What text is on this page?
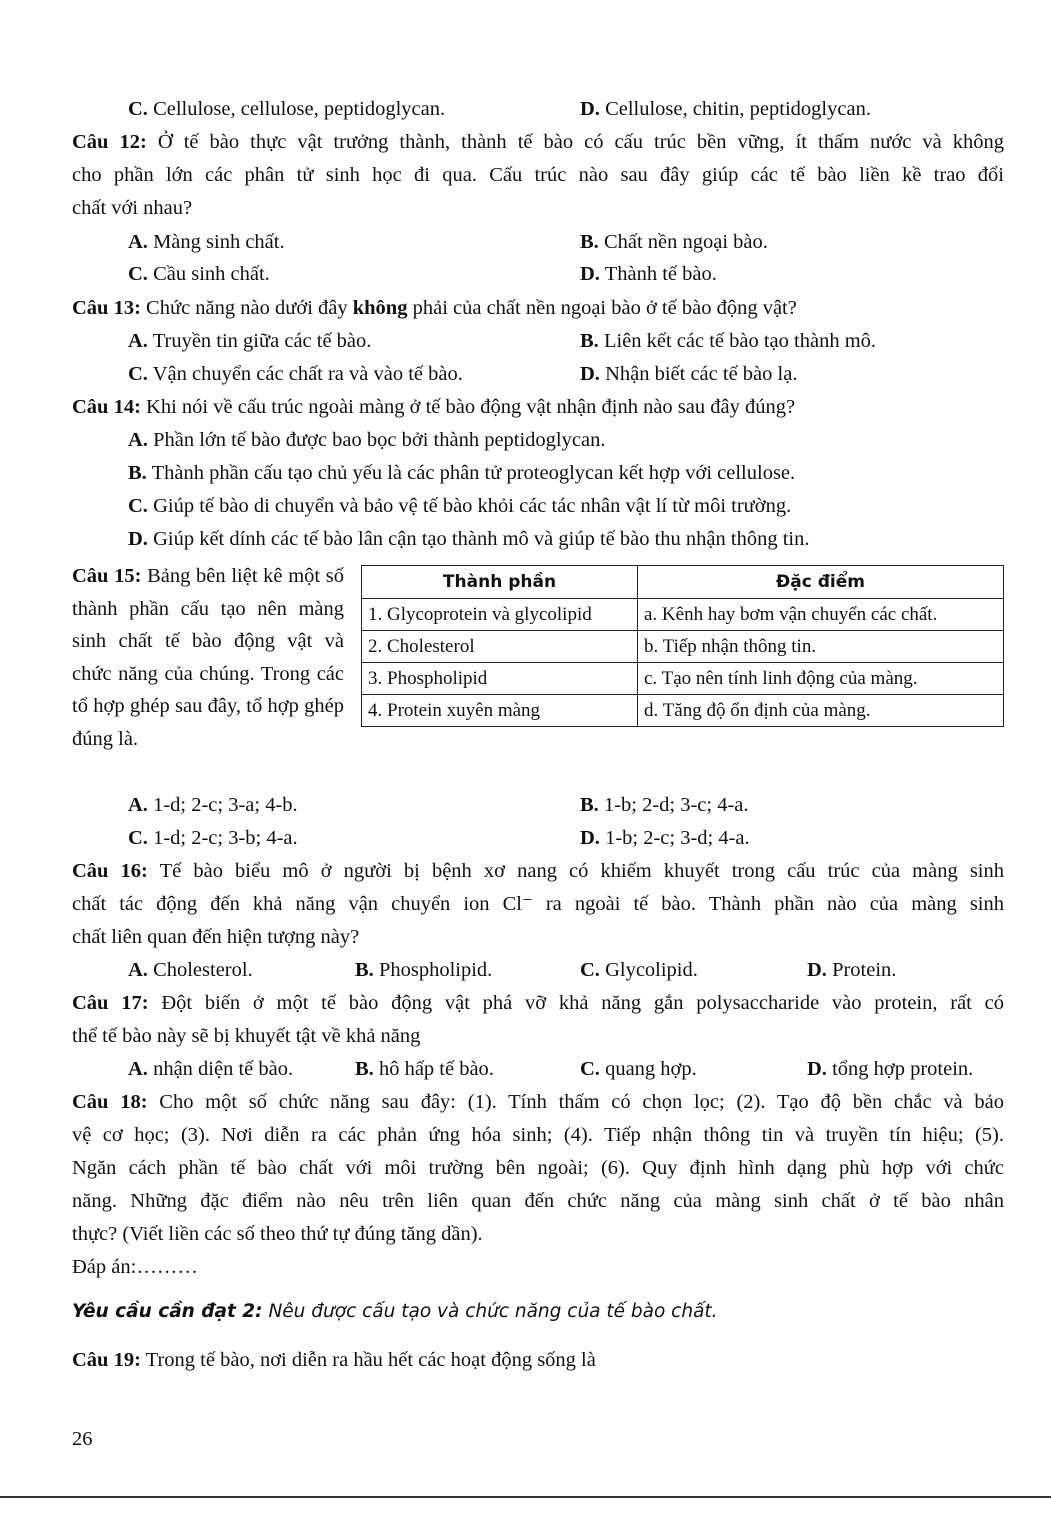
C. Cellulose, cellulose, peptidoglycan.	D. Cellulose, chitin, peptidoglycan.
Câu 12: Ở tế bào thực vật trưởng thành, thành tế bào có cấu trúc bền vững, ít thấm nước và không
cho phần lớn các phân tử sinh học đi qua. Cấu trúc nào sau đây giúp các tế bào liền kề trao đổi
chất với nhau?
A. Màng sinh chất.	B. Chất nền ngoại bào.
C. Cầu sinh chất.	D. Thành tế bào.
Câu 13: Chức năng nào dưới đây không phải của chất nền ngoại bào ở tế bào động vật?
A. Truyền tin giữa các tế bào.	B. Liên kết các tế bào tạo thành mô.
C. Vận chuyển các chất ra và vào tế bào.	D. Nhận biết các tế bào lạ.
Câu 14: Khi nói về cấu trúc ngoài màng ở tế bào động vật nhận định nào sau đây đúng?
A. Phần lớn tế bào được bao bọc bởi thành peptidoglycan.
B. Thành phần cấu tạo chủ yếu là các phân tử proteoglycan kết hợp với cellulose.
C. Giúp tế bào di chuyển và bảo vệ tế bào khỏi các tác nhân vật lí từ môi trường.
D. Giúp kết dính các tế bào lân cận tạo thành mô và giúp tế bào thu nhận thông tin.
Câu 15: Bảng bên liệt kê một số thành phần cấu tạo nên màng sinh chất tế bào động vật và chức năng của chúng. Trong các tổ hợp ghép sau đây, tổ hợp ghép đúng là.
Thành phần	Đặc điểm
1. Glycoprotein và glycolipid	a. Kênh hay bơm vận chuyển các chất.
2. Cholesterol	b. Tiếp nhận thông tin.
3. Phospholipid	c. Tạo nên tính linh động của màng.
4. Protein xuyên màng	d. Tăng độ ổn định của màng.
A. 1-d; 2-c; 3-a; 4-b.	B. 1-b; 2-d; 3-c; 4-a.
C. 1-d; 2-c; 3-b; 4-a.	D. 1-b; 2-c; 3-d; 4-a.
Câu 16: Tế bào biểu mô ở người bị bệnh xơ nang có khiếm khuyết trong cấu trúc của màng sinh
chất tác động đến khả năng vận chuyển ion Cl⁻ ra ngoài tế bào. Thành phần nào của màng sinh
chất liên quan đến hiện tượng này?
A. Cholesterol.	B. Phospholipid.	C. Glycolipid.	D. Protein.
Câu 17: Đột biến ở một tế bào động vật phá vỡ khả năng gắn polysaccharide vào protein, rất có
thể tế bào này sẽ bị khuyết tật về khả năng
A. nhận diện tế bào.	B. hô hấp tế bào.	C. quang hợp.	D. tổng hợp protein.
Câu 18: Cho một số chức năng sau đây: (1). Tính thấm có chọn lọc; (2). Tạo độ bền chắc và bảo
vệ cơ học; (3). Nơi diễn ra các phản ứng hóa sinh; (4). Tiếp nhận thông tin và truyền tín hiệu; (5).
Ngăn cách phần tế bào chất với môi trường bên ngoài; (6). Quy định hình dạng phù hợp với chức
năng. Những đặc điểm nào nêu trên liên quan đến chức năng của màng sinh chất ở tế bào nhân
thực? (Viết liền các số theo thứ tự đúng tăng dần).
Đáp án:………
Yêu cầu cần đạt 2: Nêu được cấu tạo và chức năng của tế bào chất.
Câu 19: Trong tế bào, nơi diễn ra hầu hết các hoạt động sống là
26
